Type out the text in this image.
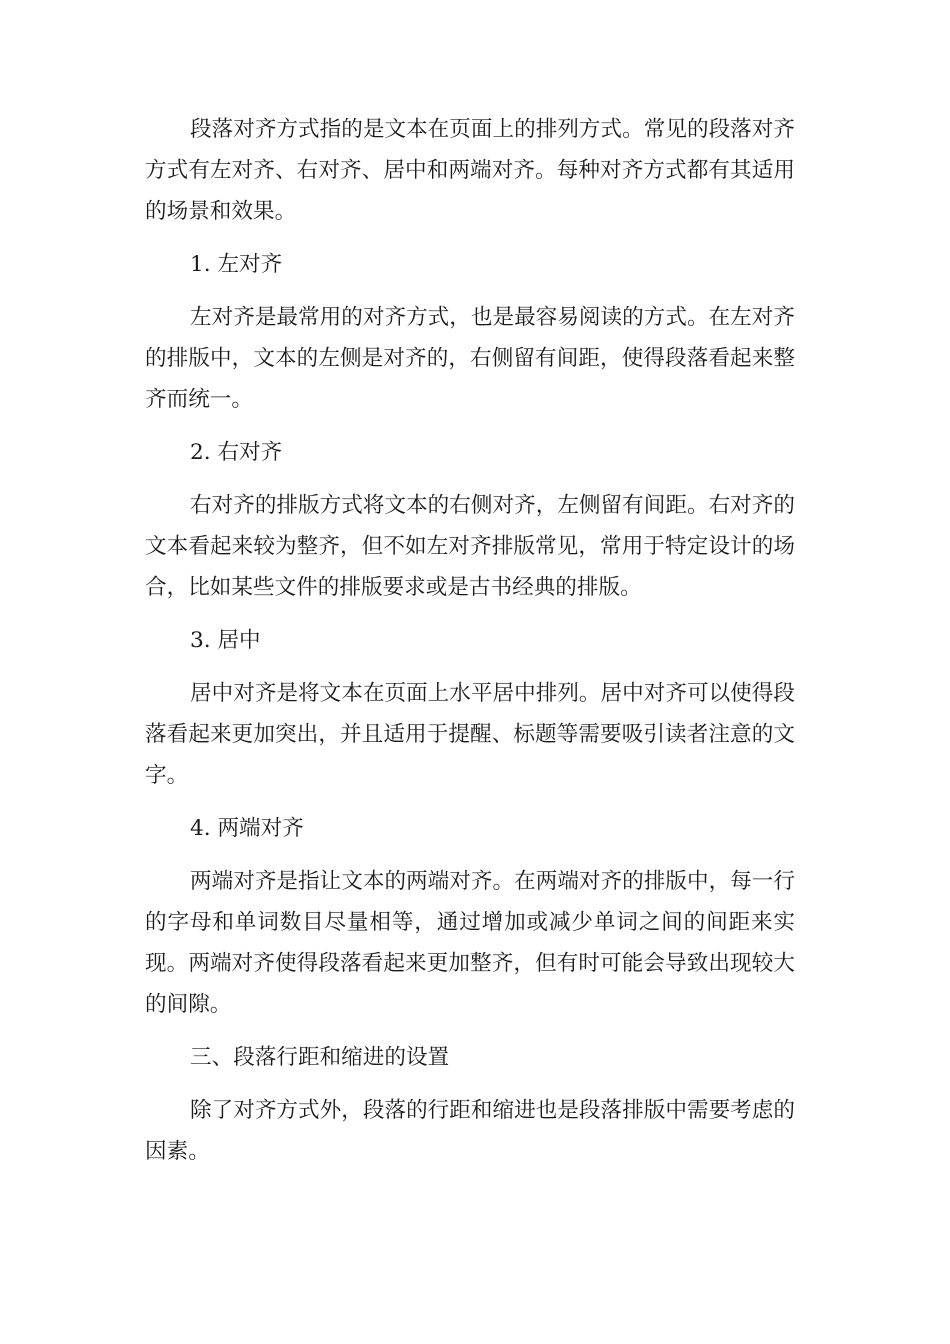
段落对齐方式指的是文本在页面上的排列方式。常见的段落对齐方式有左对齐、右对齐、居中和两端对齐。每种对齐方式都有其适用的场景和效果。

1. 左对齐

左对齐是最常用的对齐方式，也是最容易阅读的方式。在左对齐的排版中，文本的左侧是对齐的，右侧留有间距，使得段落看起来整齐而统一。

2. 右对齐

右对齐的排版方式将文本的右侧对齐，左侧留有间距。右对齐的文本看起来较为整齐，但不如左对齐排版常见，常用于特定设计的场合，比如某些文件的排版要求或是古书经典的排版。

3. 居中

居中对齐是将文本在页面上水平居中排列。居中对齐可以使得段落看起来更加突出，并且适用于提醒、标题等需要吸引读者注意的文字。

4. 两端对齐

两端对齐是指让文本的两端对齐。在两端对齐的排版中，每一行的字母和单词数目尽量相等，通过增加或减少单词之间的间距来实现。两端对齐使得段落看起来更加整齐，但有时可能会导致出现较大的间隙。

三、段落行距和缩进的设置

除了对齐方式外，段落的行距和缩进也是段落排版中需要考虑的因素。
